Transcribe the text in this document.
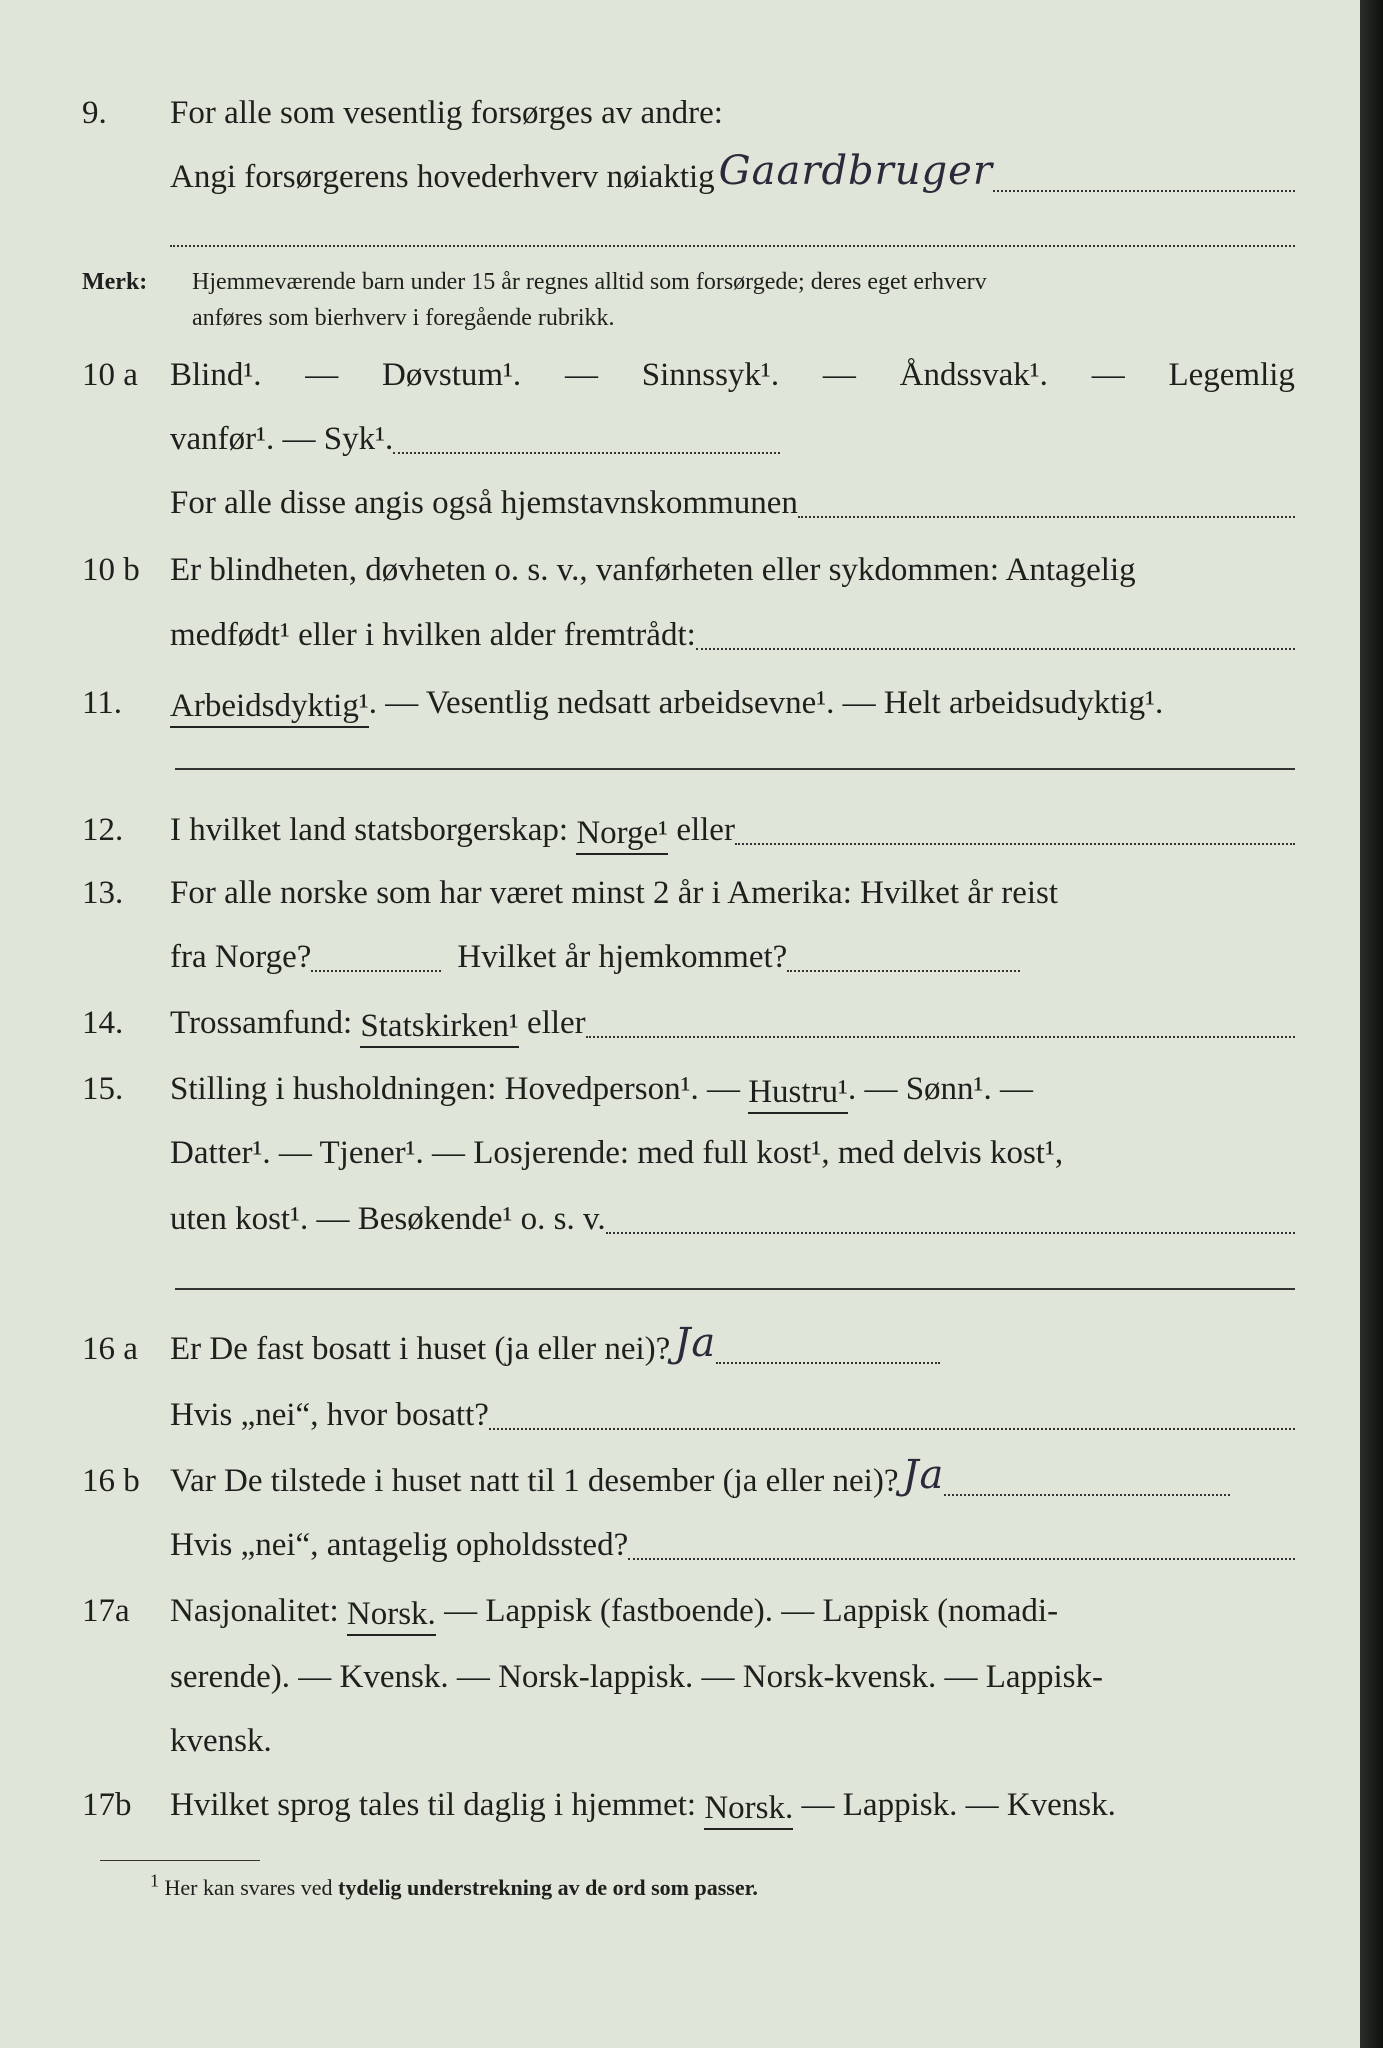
9. For alle som vesentlig forsørges av andre:
Angi forsørgerens hovederhverv nøiaktig Gaardbruger
Merk: Hjemmeværende barn under 15 år regnes alltid som forsørgede; deres eget erhverv
anføres som bierhverv i foregående rubrikk.
10 a Blind¹. — Døvstum¹. — Sinnssyk¹. — Åndssvak¹. — Legemlig
vanfør¹. — Syk¹.
For alle disse angis også hjemstavnskommunen
10 b Er blindheten, døvheten o. s. v., vanførheten eller sykdommen: Antagelig
medfødt¹ eller i hvilken alder fremtrådt:
11. Arbeidsdyktig¹ . — Vesentlig nedsatt arbeidsevne¹. — Helt arbeidsudyktig¹.
12. I hvilket land statsborgerskap: Norge¹ eller
13. For alle norske som har været minst 2 år i Amerika: Hvilket år reist
fra Norge?	Hvilket år hjemkommet?
14. Trossamfund: Statskirken¹ eller
15. Stilling i husholdningen: Hovedperson¹. — Hustru¹ . — Sønn¹. —
Datter¹. — Tjener¹. — Losjerende: med full kost¹, med delvis kost¹,
uten kost¹. — Besøkende¹ o. s. v.
16 a Er De fast bosatt i huset (ja eller nei)? Ja
Hvis „nei“, hvor bosatt?
16 b Var De tilstede i huset natt til 1 desember (ja eller nei)? Ja
Hvis „nei“, antagelig opholdssted?
17a Nasjonalitet: Norsk. — Lappisk (fastboende). — Lappisk (nomadi-
serende). — Kvensk. — Norsk-lappisk. — Norsk-kvensk. — Lappisk-
kvensk.
17b Hvilket sprog tales til daglig i hjemmet: Norsk. — Lappisk. — Kvensk.
$^1$ Her kan svares ved tydelig understrekning av de ord som passer.
